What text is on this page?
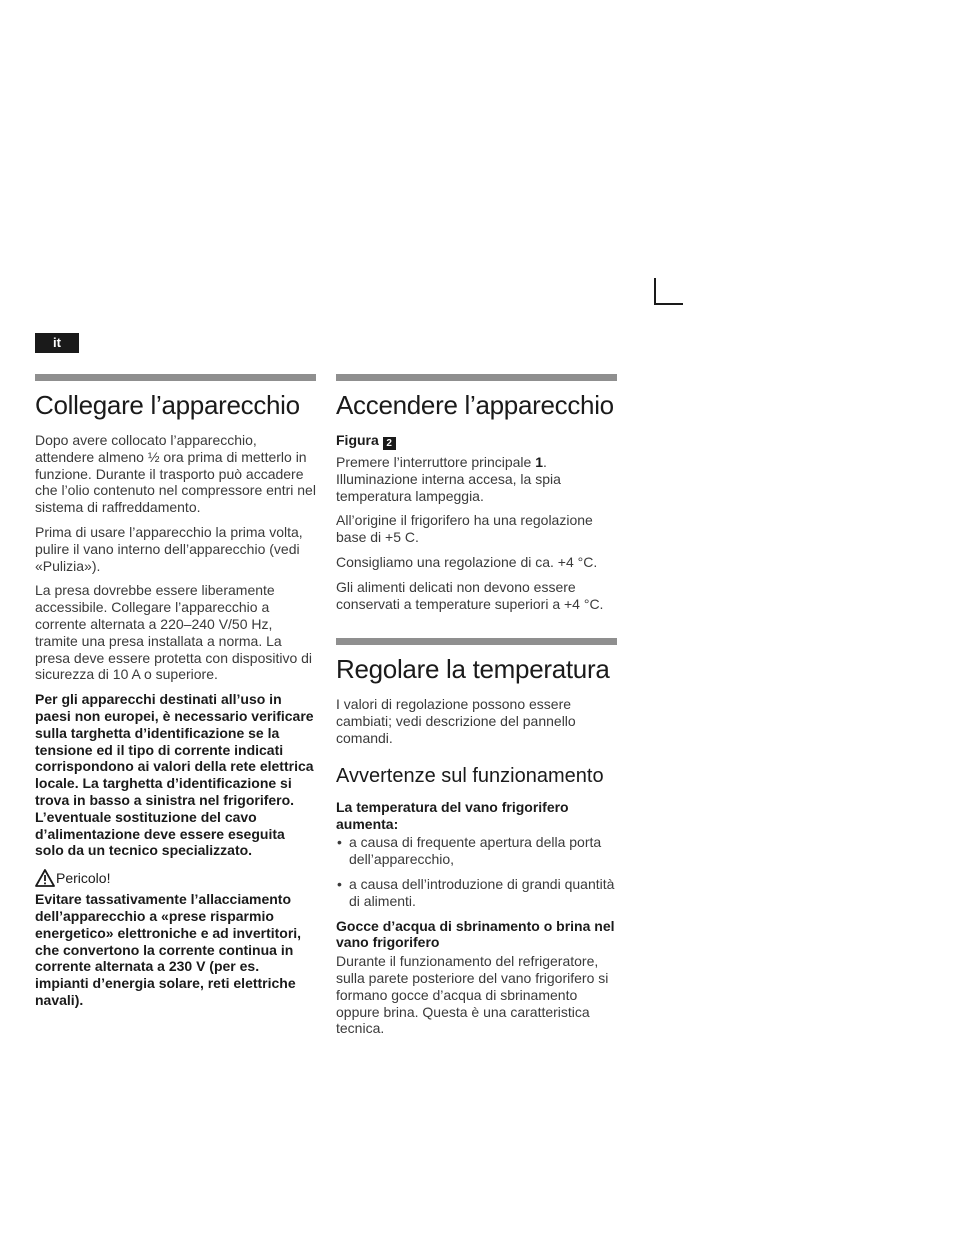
it
Collegare l’apparecchio

Dopo avere collocato l’apparecchio, attendere almeno ½ ora prima di metterlo in funzione. Durante il trasporto può accadere che l’olio contenuto nel compressore entri nel sistema di raffreddamento.

Prima di usare l’apparecchio la prima volta, pulire il vano interno dell’apparecchio (vedi «Pulizia»).

La presa dovrebbe essere liberamente accessibile. Collegare l’apparecchio a corrente alternata a 220–240 V/50 Hz, tramite una presa installata a norma. La presa deve essere protetta con dispositivo di sicurezza di 10 A o superiore.

Per gli apparecchi destinati all’uso in paesi non europei, è necessario verificare sulla targhetta d’identificazione se la tensione ed il tipo di corrente indicati corrispondono ai valori della rete elettrica locale. La targhetta d’identificazione si trova in basso a sinistra nel frigorifero. L’eventuale sostituzione del cavo d’alimentazione deve essere eseguita solo da un tecnico specializzato.

Pericolo!

Evitare tassativamente l’allacciamento dell’apparecchio a «prese risparmio energetico» elettroniche e ad invertitori, che convertono la corrente continua in corrente alternata a 230 V (per es. impianti d’energia solare, reti elettriche navali).

Accendere l’apparecchio
Figura 2

Premere l’interruttore principale 1. Illuminazione interna accesa, la spia temperatura lampeggia.

All’origine il frigorifero ha una regolazione base di +5 C.

Consigliamo una regolazione di ca. +4 °C.

Gli alimenti delicati non devono essere conservati a temperature superiori a +4 °C.

Regolare la temperatura

I valori di regolazione possono essere cambiati; vedi descrizione del pannello comandi.

Avvertenze sul funzionamento

La temperatura del vano frigorifero aumenta:

• a causa di frequente apertura della porta dell’apparecchio,
• a causa dell’introduzione di grandi quantità di alimenti.

Gocce d’acqua di sbrinamento o brina nel vano frigorifero

Durante il funzionamento del refrigeratore, sulla parete posteriore del vano frigorifero si formano gocce d’acqua di sbrinamento oppure brina. Questa è una caratteristica tecnica.
